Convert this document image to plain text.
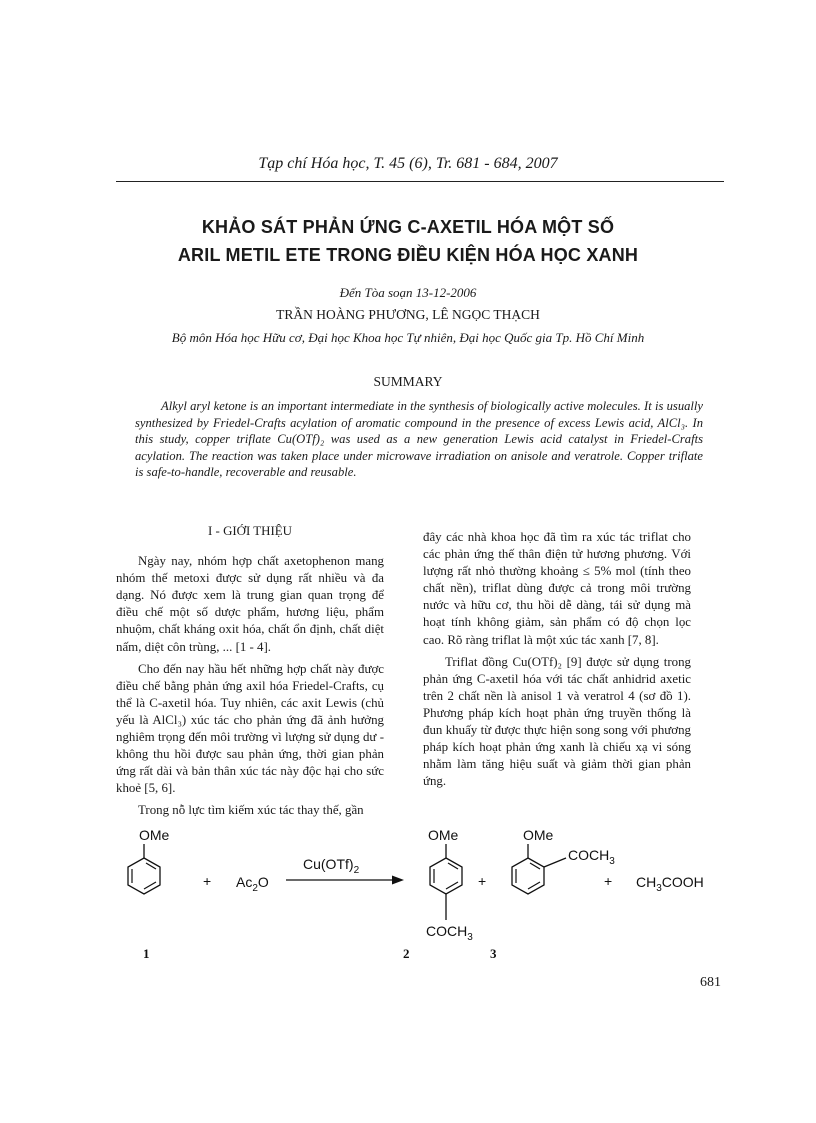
Tạp chí Hóa học, T. 45 (6), Tr. 681 - 684, 2007
KHẢO SÁT PHẢN ỨNG C-AXETIL HÓA MỘT SỐ
ARIL METIL ETE TRONG ĐIỀU KIỆN HÓA HỌC XANH
Đến Tòa soạn 13-12-2006
TRẦN HOÀNG PHƯƠNG, LÊ NGỌC THẠCH
Bộ môn Hóa học Hữu cơ, Đại học Khoa học Tự nhiên, Đại học Quốc gia Tp. Hồ Chí Minh
SUMMARY
Alkyl aryl ketone is an important intermediate in the synthesis of biologically active molecules. It is usually synthesized by Friedel-Crafts acylation of aromatic compound in the presence of excess Lewis acid, AlCl₃. In this study, copper triflate Cu(OTf)₂ was used as a new generation Lewis acid catalyst in Friedel-Crafts acylation. The reaction was taken place under microwave irradiation on anisole and veratrole. Copper triflate is safe-to-handle, recoverable and reusable.

I - GIỚI THIỆU

Ngày nay, nhóm hợp chất axetophenon mang nhóm thế metoxi được sử dụng rất nhiều và đa dạng. Nó được xem là trung gian quan trọng để điều chế một số dược phẩm, hương liệu, phẩm nhuộm, chất kháng oxit hóa, chất ổn định, chất diệt nấm, diệt côn trùng, ... [1 - 4].

Cho đến nay hầu hết những hợp chất này được điều chế bằng phản ứng axil hóa Friedel-Crafts, cụ thể là C-axetil hóa. Tuy nhiên, các axit Lewis (chủ yếu là AlCl₃) xúc tác cho phản ứng đã ảnh hưởng nghiêm trọng đến môi trường vì lượng sử dụng dư - không thu hồi được sau phản ứng, thời gian phản ứng rất dài và bản thân xúc tác này độc hại cho sức khoẻ [5, 6].

Trong nỗ lực tìm kiếm xúc tác thay thế, gần

đây các nhà khoa học đã tìm ra xúc tác triflat cho các phản ứng thế thân điện tử hương phương. Với lượng rất nhỏ thường khoảng ≤ 5% mol (tính theo chất nền), triflat dùng được cả trong môi trường nước và hữu cơ, thu hồi dễ dàng, tái sử dụng mà hoạt tính không giảm, sản phẩm có độ chọn lọc cao. Rõ ràng triflat là một xúc tác xanh [7, 8].

Triflat đồng Cu(OTf)₂ [9] được sử dụng trong phản ứng C-axetil hóa với tác chất anhidrid axetic trên 2 chất nền là anisol 1 và veratrol 4 (sơ đồ 1). Phương pháp kích hoạt phản ứng truyền thống là đun khuấy từ được thực hiện song song với phương pháp kích hoạt phản ứng xanh là chiếu xạ vi sóng nhằm làm tăng hiệu suất và giảm thời gian phản ứng.

OMe
1
+ $Ac_2O$
$Cu(OTf)_2$
OMe
$COCH_3$
2
+
OMe
$COCH_3$
3
+ $CH_3COOH$
681
